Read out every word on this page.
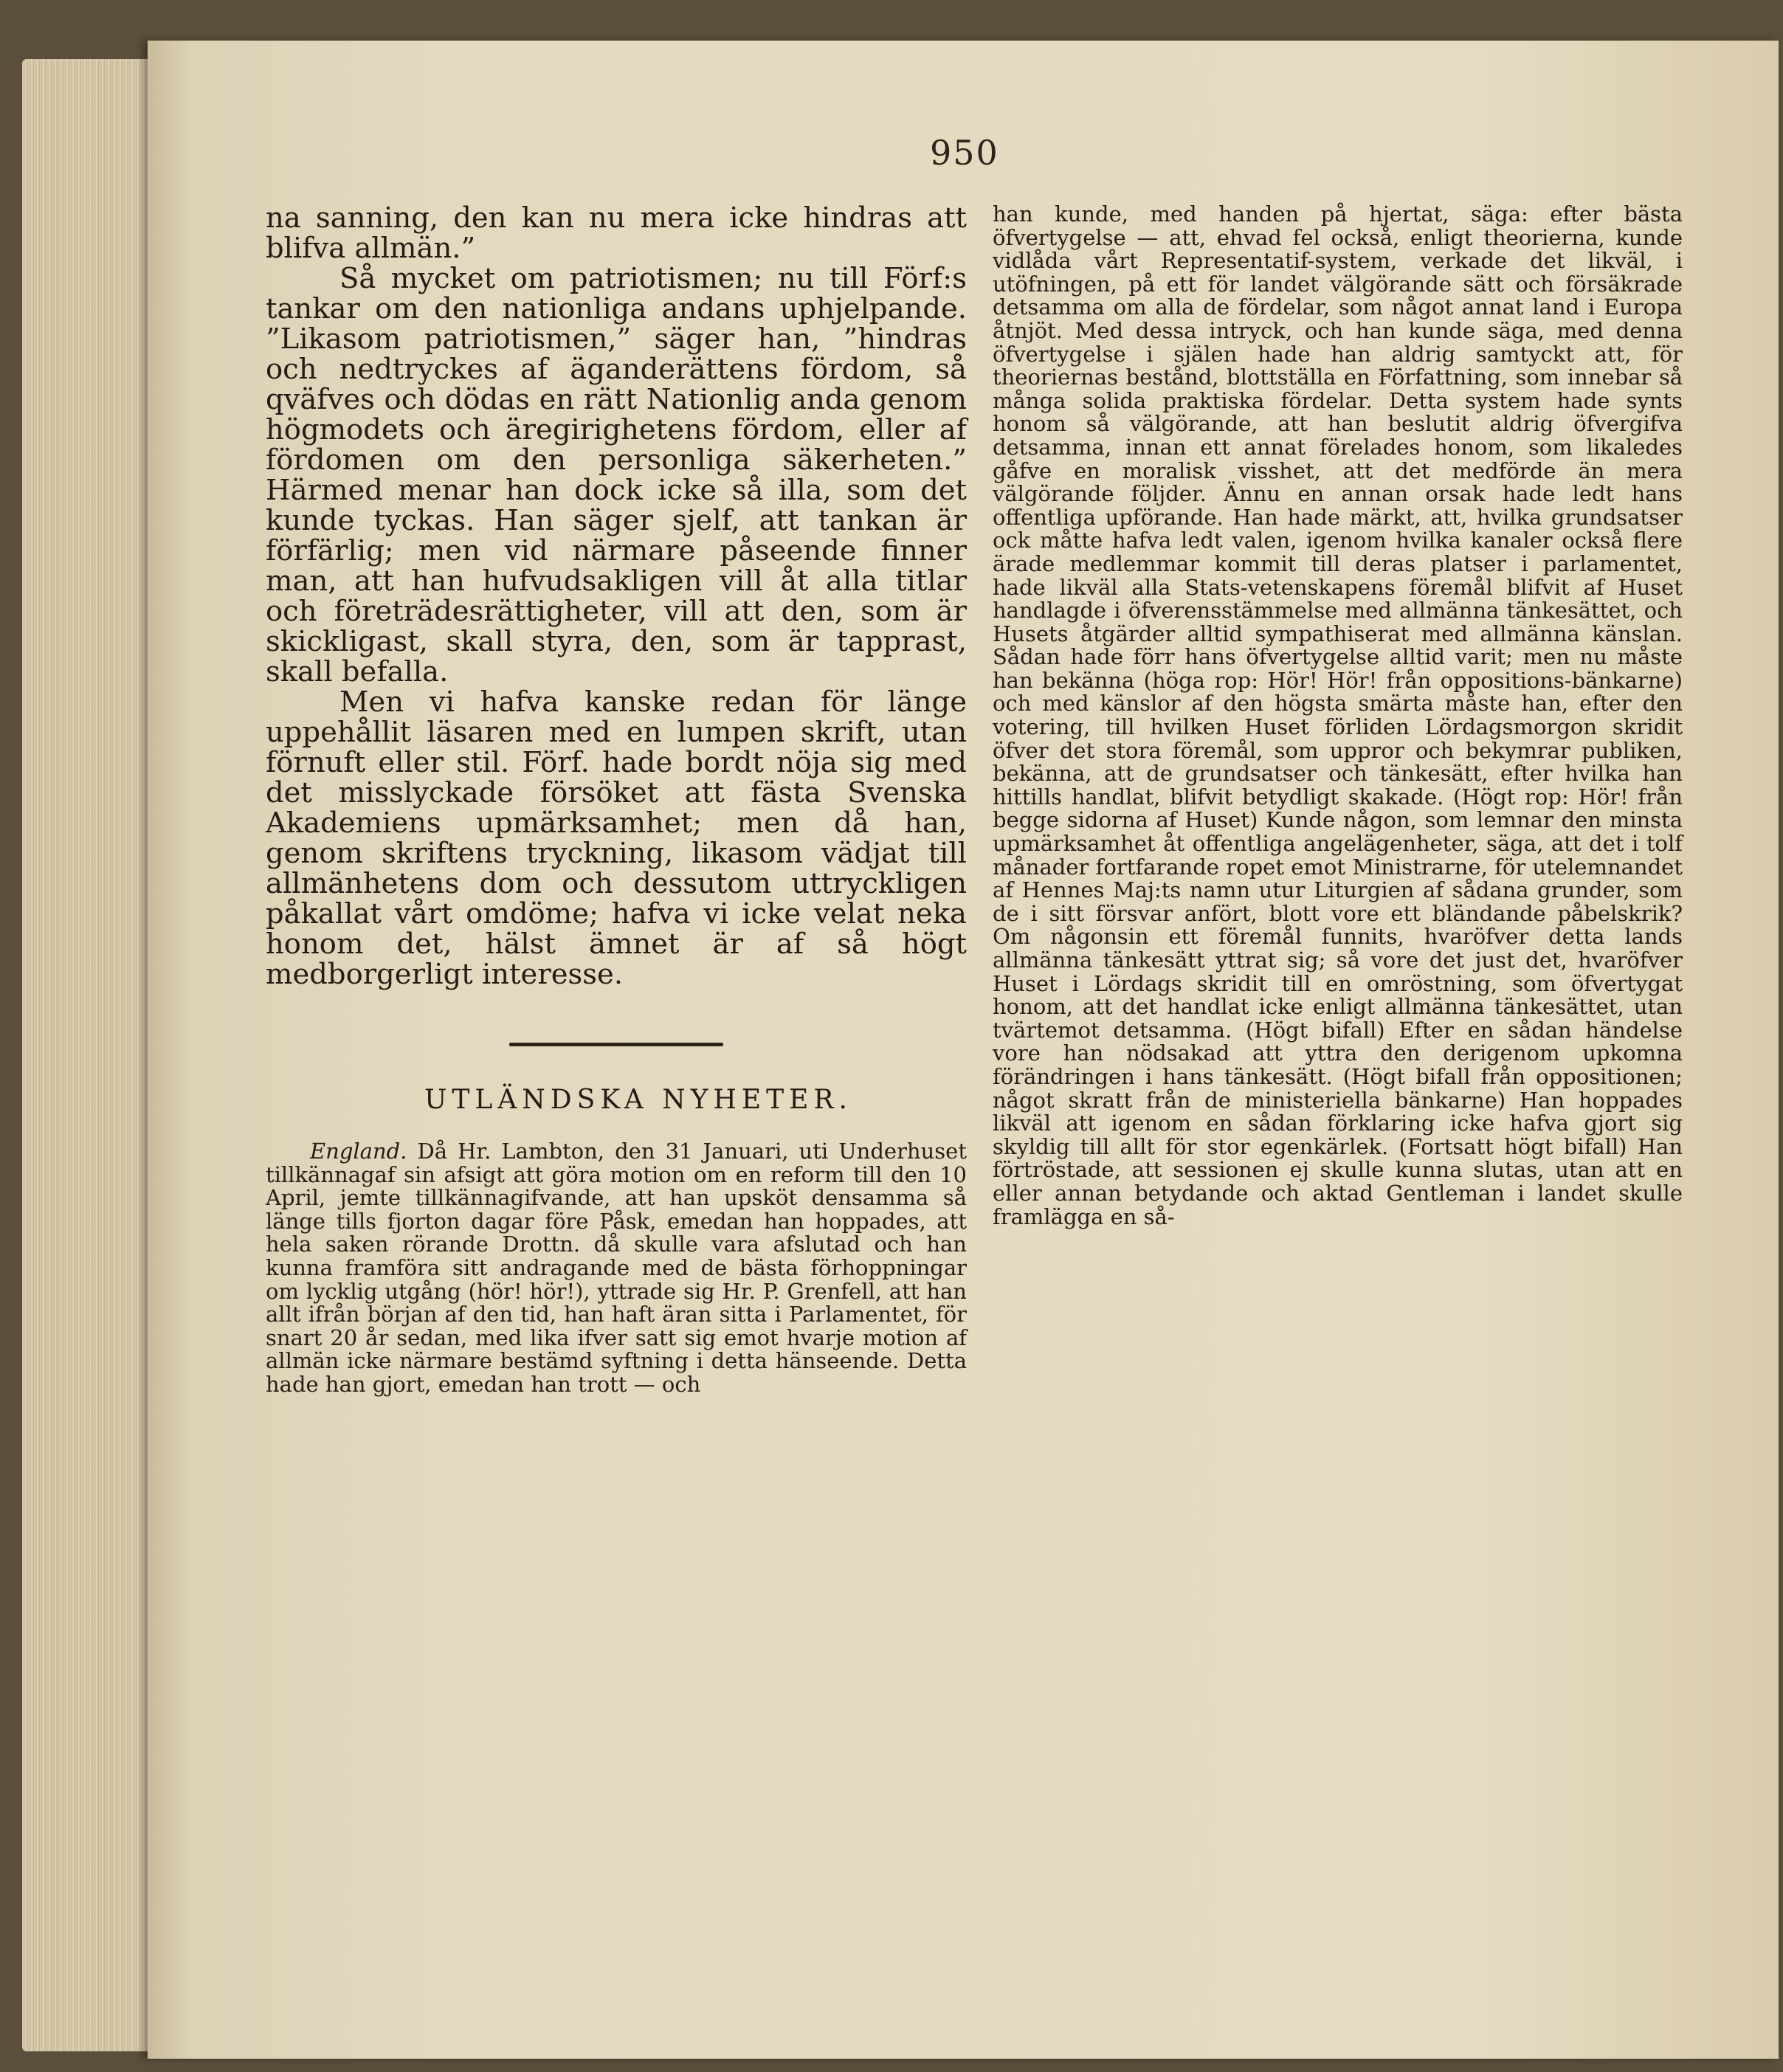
950

na sanning, den kan nu mera icke hindras att blifva allmän.”

Så mycket om patriotismen; nu till Förf:s tankar om den nationliga andans uphjelpande. ”Likasom patriotismen,” säger han, ”hindras och nedtryckes af äganderättens fördom, så qväfves och dödas en rätt Nationlig anda genom högmodets och äregirighetens fördom, eller af fördomen om den personliga säkerheten.” Härmed menar han dock icke så illa, som det kunde tyckas. Han säger sjelf, att tankan är förfärlig; men vid närmare påseende finner man, att han hufvudsakligen vill åt alla titlar och företrädesrättigheter, vill att den, som är skickligast, skall styra, den, som är tapprast, skall befalla.

Men vi hafva kanske redan för länge uppehållit läsaren med en lumpen skrift, utan förnuft eller stil. Förf. hade bordt nöja sig med det misslyckade försöket att fästa Svenska Akademiens upmärksamhet; men då han, genom skriftens tryckning, likasom vädjat till allmänhetens dom och dessutom uttryckligen påkallat vårt omdöme; hafva vi icke velat neka honom det, hälst ämnet är af så högt medborgerligt interesse.

UTLÄNDSKA NYHETER.

England. Då Hr. Lambton, den 31 Januari, uti Underhuset tillkännagaf sin afsigt att göra motion om en reform till den 10 April, jemte tillkännagifvande, att han upsköt densamma så länge tills fjorton dagar före Påsk, emedan han hoppades, att hela saken rörande Drottn. då skulle vara afslutad och han kunna framföra sitt andragande med de bästa förhoppningar om lycklig utgång (hör! hör!), yttrade sig Hr. P. Grenfell, att han allt ifrån början af den tid, han haft äran sitta i Parlamentet, för snart 20 år sedan, med lika ifver satt sig emot hvarje motion af allmän icke närmare bestämd syftning i detta hänseende. Detta hade han gjort, emedan han trott — och

han kunde, med handen på hjertat, säga: efter bästa öfvertygelse — att, ehvad fel också, enligt theorierna, kunde vidlåda vårt Representatif-system, verkade det likväl, i utöfningen, på ett för landet välgörande sätt och försäkrade detsamma om alla de fördelar, som något annat land i Europa åtnjöt. Med dessa intryck, och han kunde säga, med denna öfvertygelse i själen hade han aldrig samtyckt att, för theoriernas bestånd, blottställa en Författning, som innebar så många solida praktiska fördelar. Detta system hade synts honom så välgörande, att han beslutit aldrig öfvergifva detsamma, innan ett annat förelades honom, som likaledes gåfve en moralisk visshet, att det medförde än mera välgörande följder. Ännu en annan orsak hade ledt hans offentliga upförande. Han hade märkt, att, hvilka grundsatser ock måtte hafva ledt valen, igenom hvilka kanaler också flere ärade medlemmar kommit till deras platser i parlamentet, hade likväl alla Stats-vetenskapens föremål blifvit af Huset handlagde i öfverensstämmelse med allmänna tänkesättet, och Husets åtgärder alltid sympathiserat med allmänna känslan. Sådan hade förr hans öfvertygelse alltid varit; men nu måste han bekänna (höga rop: Hör! Hör! från oppositions-bänkarne) och med känslor af den högsta smärta måste han, efter den votering, till hvilken Huset förliden Lördagsmorgon skridit öfver det stora föremål, som uppror och bekymrar publiken, bekänna, att de grundsatser och tänkesätt, efter hvilka han hittills handlat, blifvit betydligt skakade. (Högt rop: Hör! från begge sidorna af Huset) Kunde någon, som lemnar den minsta upmärksamhet åt offentliga angelägenheter, säga, att det i tolf månader fortfarande ropet emot Ministrarne, för utelemnandet af Hennes Maj:ts namn utur Liturgien af sådana grunder, som de i sitt försvar anfört, blott vore ett bländande påbelskrik? Om någonsin ett föremål funnits, hvaröfver detta lands allmänna tänkesätt yttrat sig; så vore det just det, hvaröfver Huset i Lördags skridit till en omröstning, som öfvertygat honom, att det handlat icke enligt allmänna tänkesättet, utan tvärtemot detsamma. (Högt bifall) Efter en sådan händelse vore han nödsakad att yttra den derigenom upkomna förändringen i hans tänkesätt. (Högt bifall från oppositionen; något skratt från de ministeriella bänkarne) Han hoppades likväl att igenom en sådan förklaring icke hafva gjort sig skyldig till allt för stor egenkärlek. (Fortsatt högt bifall) Han förtröstade, att sessionen ej skulle kunna slutas, utan att en eller annan betydande och aktad Gentleman i landet skulle framlägga en så-
